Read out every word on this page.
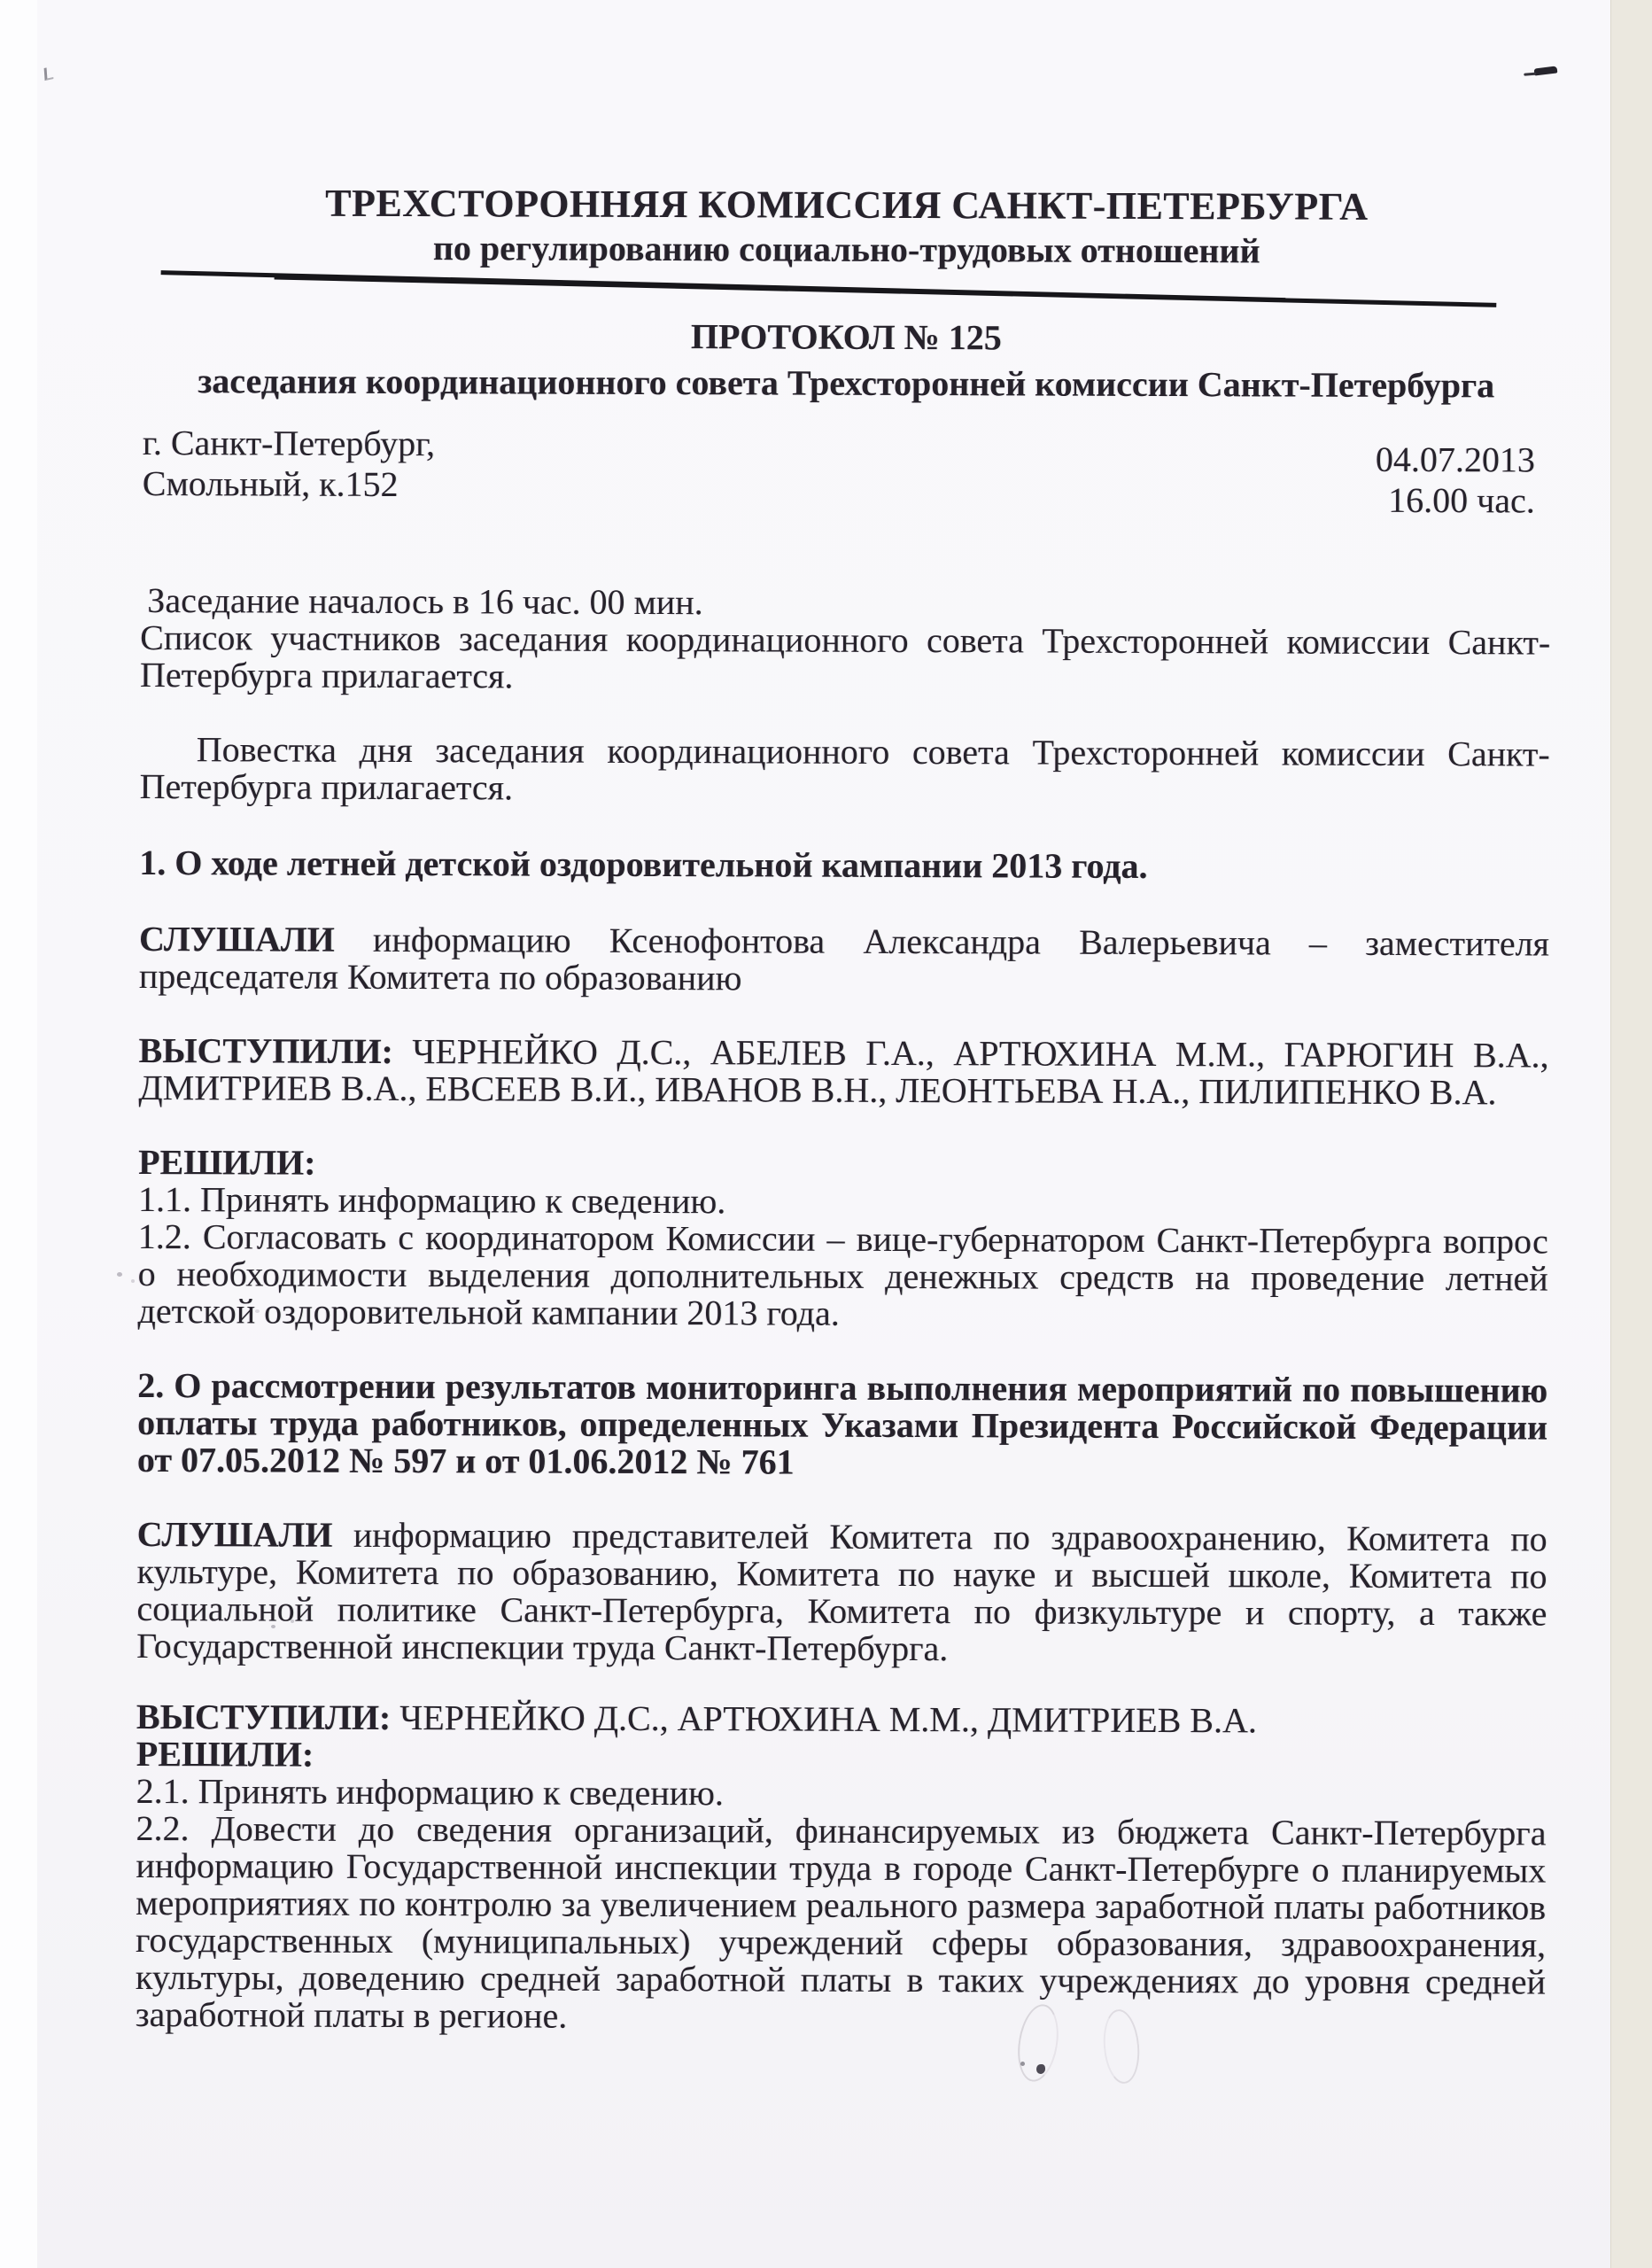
ТРЕХСТОРОННЯЯ КОМИССИЯ САНКТ-ПЕТЕРБУРГА
по регулированию социально-трудовых отношений
ПРОТОКОЛ № 125
заседания координационного совета Трехсторонней комиссии Санкт-Петербурга
г. Санкт-Петербург,
Смольный, к.152
04.07.2013
16.00 час.

Заседание началось в 16 час. 00 мин.

Список участников заседания координационного совета Трехсторонней комиссии Санкт-Петербурга прилагается.

Повестка дня заседания координационного совета Трехсторонней комиссии Санкт-Петербурга прилагается.

1. О ходе летней детской оздоровительной кампании 2013 года.

СЛУШАЛИ информацию Ксенофонтова Александра Валерьевича – заместителя председателя Комитета по образованию

ВЫСТУПИЛИ: ЧЕРНЕЙКО Д.С., АБЕЛЕВ Г.А., АРТЮХИНА М.М., ГАРЮГИН В.А., ДМИТРИЕВ В.А., ЕВСЕЕВ В.И., ИВАНОВ В.Н., ЛЕОНТЬЕВА Н.А., ПИЛИПЕНКО В.А.

РЕШИЛИ:

1.1. Принять информацию к сведению.

1.2. Согласовать с координатором Комиссии – вице-губернатором Санкт-Петербурга вопрос о необходимости выделения дополнительных денежных средств на проведение летней детской оздоровительной кампании 2013 года.

2. О рассмотрении результатов мониторинга выполнения мероприятий по повышению оплаты труда работников, определенных Указами Президента Российской Федерации от 07.05.2012 № 597 и от 01.06.2012 № 761

СЛУШАЛИ информацию представителей Комитета по здравоохранению, Комитета по культуре, Комитета по образованию, Комитета по науке и высшей школе, Комитета по социальной политике Санкт-Петербурга, Комитета по физкультуре и спорту, а также Государственной инспекции труда Санкт-Петербурга.

ВЫСТУПИЛИ: ЧЕРНЕЙКО Д.С., АРТЮХИНА М.М., ДМИТРИЕВ В.А.

РЕШИЛИ:

2.1. Принять информацию к сведению.

2.2. Довести до сведения организаций, финансируемых из бюджета Санкт-Петербурга информацию Государственной инспекции труда в городе Санкт-Петербурге о планируемых мероприятиях по контролю за увеличением реального размера заработной платы работников государственных (муниципальных) учреждений сферы образования, здравоохранения, культуры, доведению средней заработной платы в таких учреждениях до уровня средней заработной платы в регионе.
